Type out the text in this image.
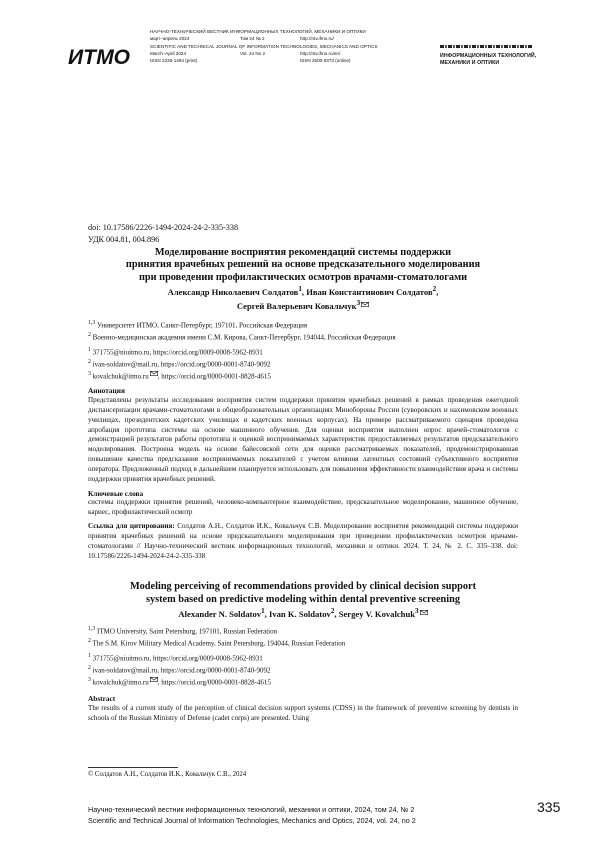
ИТМО
НАУЧНО-ТЕХНИЧЕСКИЙ ВЕСТНИК ИНФОРМАЦИОННЫХ ТЕХНОЛОГИЙ, МЕХАНИКИ И ОПТИКИ
март–апрель 2024	Том 24 № 2	http://ntv.ifmo.ru/
SCIENTIFIC AND TECHNICAL JOURNAL OF INFORMATION TECHNOLOGIES, MECHANICS AND OPTICS
March–April 2024	Vol. 24 No 2	http://ntv.ifmo.ru/en/
ISSN 2226-1494 (print)	ISSN 2500-0373 (online)
ИНФОРМАЦИОННЫХ ТЕХНОЛОГИЙ,
МЕХАНИКИ И ОПТИКИ
doi: 10.17586/2226-1494-2024-24-2-335-338
УДК 004.81, 004.896
Моделирование восприятия рекомендаций системы поддержки
принятия врачебных решений на основе предсказательного моделирования
при проведении профилактических осмотров врачами-стоматологами
Александр Николаевич Солдатов$^1$, Иван Константинович Солдатов$^2$,
Сергей Валерьевич Ковальчук$^3$
$^{1,3}$ Университет ИТМО, Санкт-Петербург, 197101, Российская Федерация
$^2$ Военно-медицинская академия имени С.М. Кирова, Санкт-Петербург, 194044, Российская Федерация
$^1$ 371755@niuitmo.ru, https://orcid.org/0009-0008-5962-8931
$^2$ ivan-soldatov@mail.ru, https://orcid.org/0000-0001-8740-9092
$^3$ kovalchuk@itmo.ru , https://orcid.org/0000-0001-8828-4615
Аннотация
Представлены результаты исследования восприятия систем поддержки принятия врачебных решений в рамках проведения ежегодной диспансеризации врачами-стоматологами в общеобразовательных организациях Минобороны России (суворовских и нахимовском военных училищах, президентских кадетских училищах и кадетских военных корпусах). На примере рассматриваемого сценария проведена апробация прототипа системы на основе машинного обучения. Для оценки восприятия выполнен опрос врачей-стоматологов с демонстрацией результатов работы прототипа и оценкой воспринимаемых характеристик предоставляемых результатов предсказательного моделирования. Построена модель на основе байесовской сети для оценки рассматриваемых показателей, продемонстрировавшая повышение качества предсказания воспринимаемых показателей с учетом влияния латентных состояний субъективного восприятия оператора. Предложенный подход в дальнейшем планируется использовать для повышения эффективности взаимодействия врача и системы поддержки принятия врачебных решений.
Ключевые слова
системы поддержки принятия решений, человеко-компьютерное взаимодействие, предсказательное моделирование, машинное обучение, кариес, профилактический осмотр
Ссылка для цитирования: Солдатов А.Н., Солдатов И.К., Ковальчук С.В. Моделирование восприятия рекомендаций системы поддержки принятия врачебных решений на основе предсказательного моделирования при проведении профилактических осмотров врачами-стоматологами // Научно-технический вестник информационных технологий, механики и оптики. 2024. Т. 24, № 2. С. 335–338. doi: 10.17586/2226-1494-2024-24-2-335-338
Modeling perceiving of recommendations provided by clinical decision support
system based on predictive modeling within dental preventive screening
Alexander N. Soldatov$^1$, Ivan K. Soldatov$^2$, Sergey V. Kovalchuk$^3$
$^{1,3}$ ITMO University, Saint Petersburg, 197101, Russian Federation
$^2$ The S.M. Kirov Military Medical Academy, Saint Petersburg, 194044, Russian Federation
$^1$ 371755@niuitmo.ru, https://orcid.org/0009-0008-5962-8931
$^2$ ivan-soldatov@mail.ru, https://orcid.org/0000-0001-8740-9092
$^3$ kovalchuk@itmo.ru , https://orcid.org/0000-0001-8828-4615
Abstract
The results of a current study of the perception of clinical decision support systems (CDSS) in the framework of preventive screening by dentists in schools of the Russian Ministry of Defense (cadet corps) are presented. Using
© Солдатов А.Н., Солдатов И.К., Ковальчук С.В., 2024
Научно-технический вестник информационных технологий, механики и оптики, 2024, том 24, № 2
Scientific and Technical Journal of Information Technologies, Mechanics and Optics, 2024, vol. 24, no 2
335
